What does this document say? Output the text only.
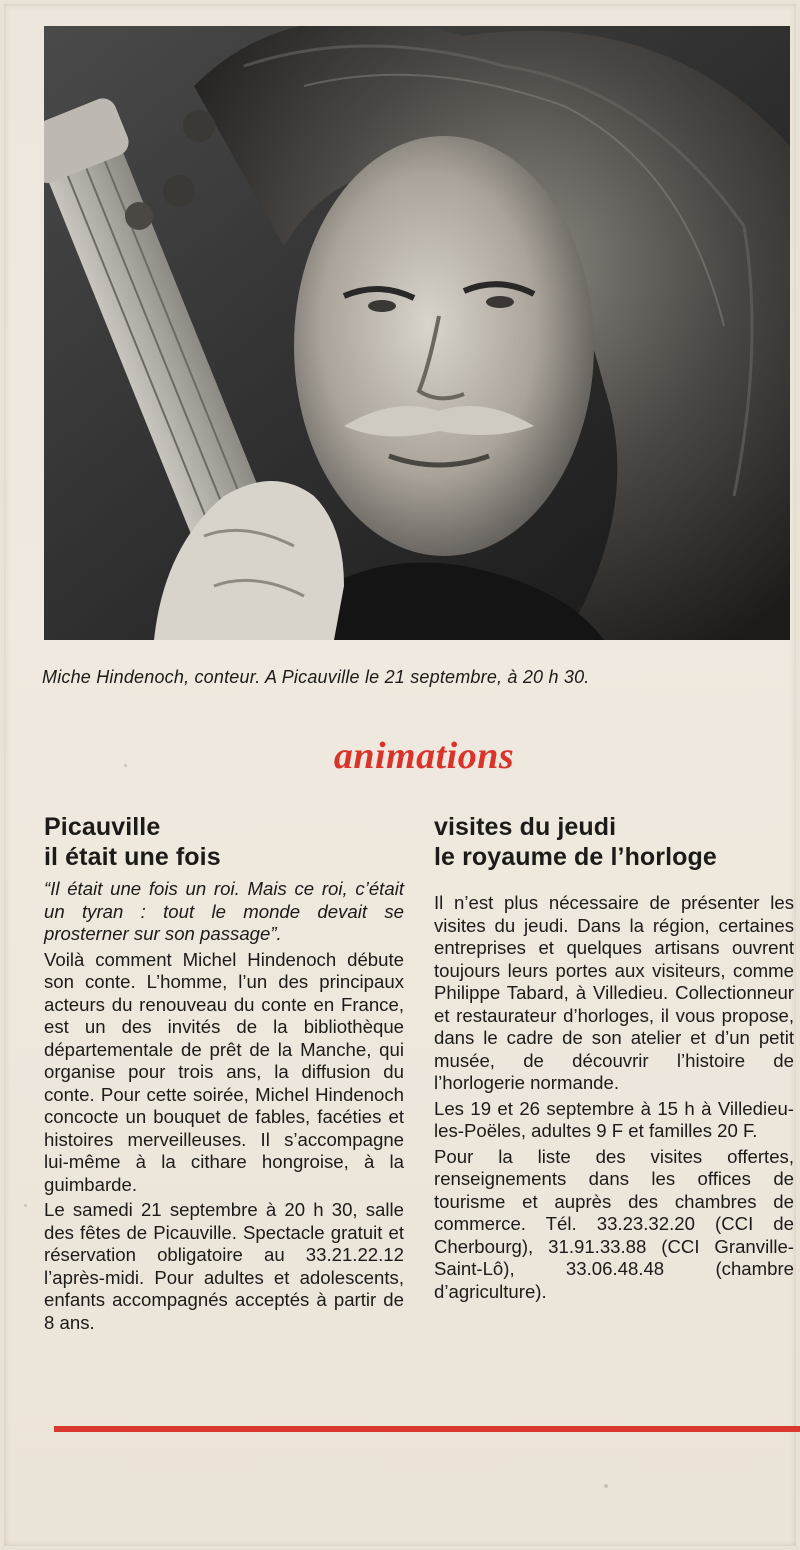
Miche Hindenoch, conteur. A Picauville le 21 septembre, à 20 h 30.
animations
Picauville
il était une fois

“Il était une fois un roi. Mais ce roi, c’était un tyran : tout le monde devait se prosterner sur son passage”.

Voilà comment Michel Hindenoch débute son conte. L’homme, l’un des principaux acteurs du renouveau du conte en France, est un des invités de la bibliothèque départementale de prêt de la Manche, qui organise pour trois ans, la diffusion du conte. Pour cette soirée, Michel Hindenoch concocte un bouquet de fables, facéties et histoires merveilleuses. Il s’accompagne lui-même à la cithare hongroise, à la guimbarde.

Le samedi 21 septembre à 20 h 30, salle des fêtes de Picauville. Spectacle gratuit et réservation obligatoire au 33.21.22.12 l’après-midi. Pour adultes et adolescents, enfants accompagnés acceptés à partir de 8 ans.

visites du jeudi
le royaume de l’horloge

Il n’est plus nécessaire de présenter les visites du jeudi. Dans la région, certaines entreprises et quelques artisans ouvrent toujours leurs portes aux visiteurs, comme Philippe Tabard, à Villedieu. Collectionneur et restaurateur d’horloges, il vous propose, dans le cadre de son atelier et d’un petit musée, de découvrir l’histoire de l’horlogerie normande.

Les 19 et 26 septembre à 15 h à Villedieu-les-Poëles, adultes 9 F et familles 20 F.

Pour la liste des visites offertes, renseignements dans les offices de tourisme et auprès des chambres de commerce. Tél. 33.23.32.20 (CCI de Cherbourg), 31.91.33.88 (CCI Granville-Saint-Lô), 33.06.48.48 (chambre d’agriculture).
